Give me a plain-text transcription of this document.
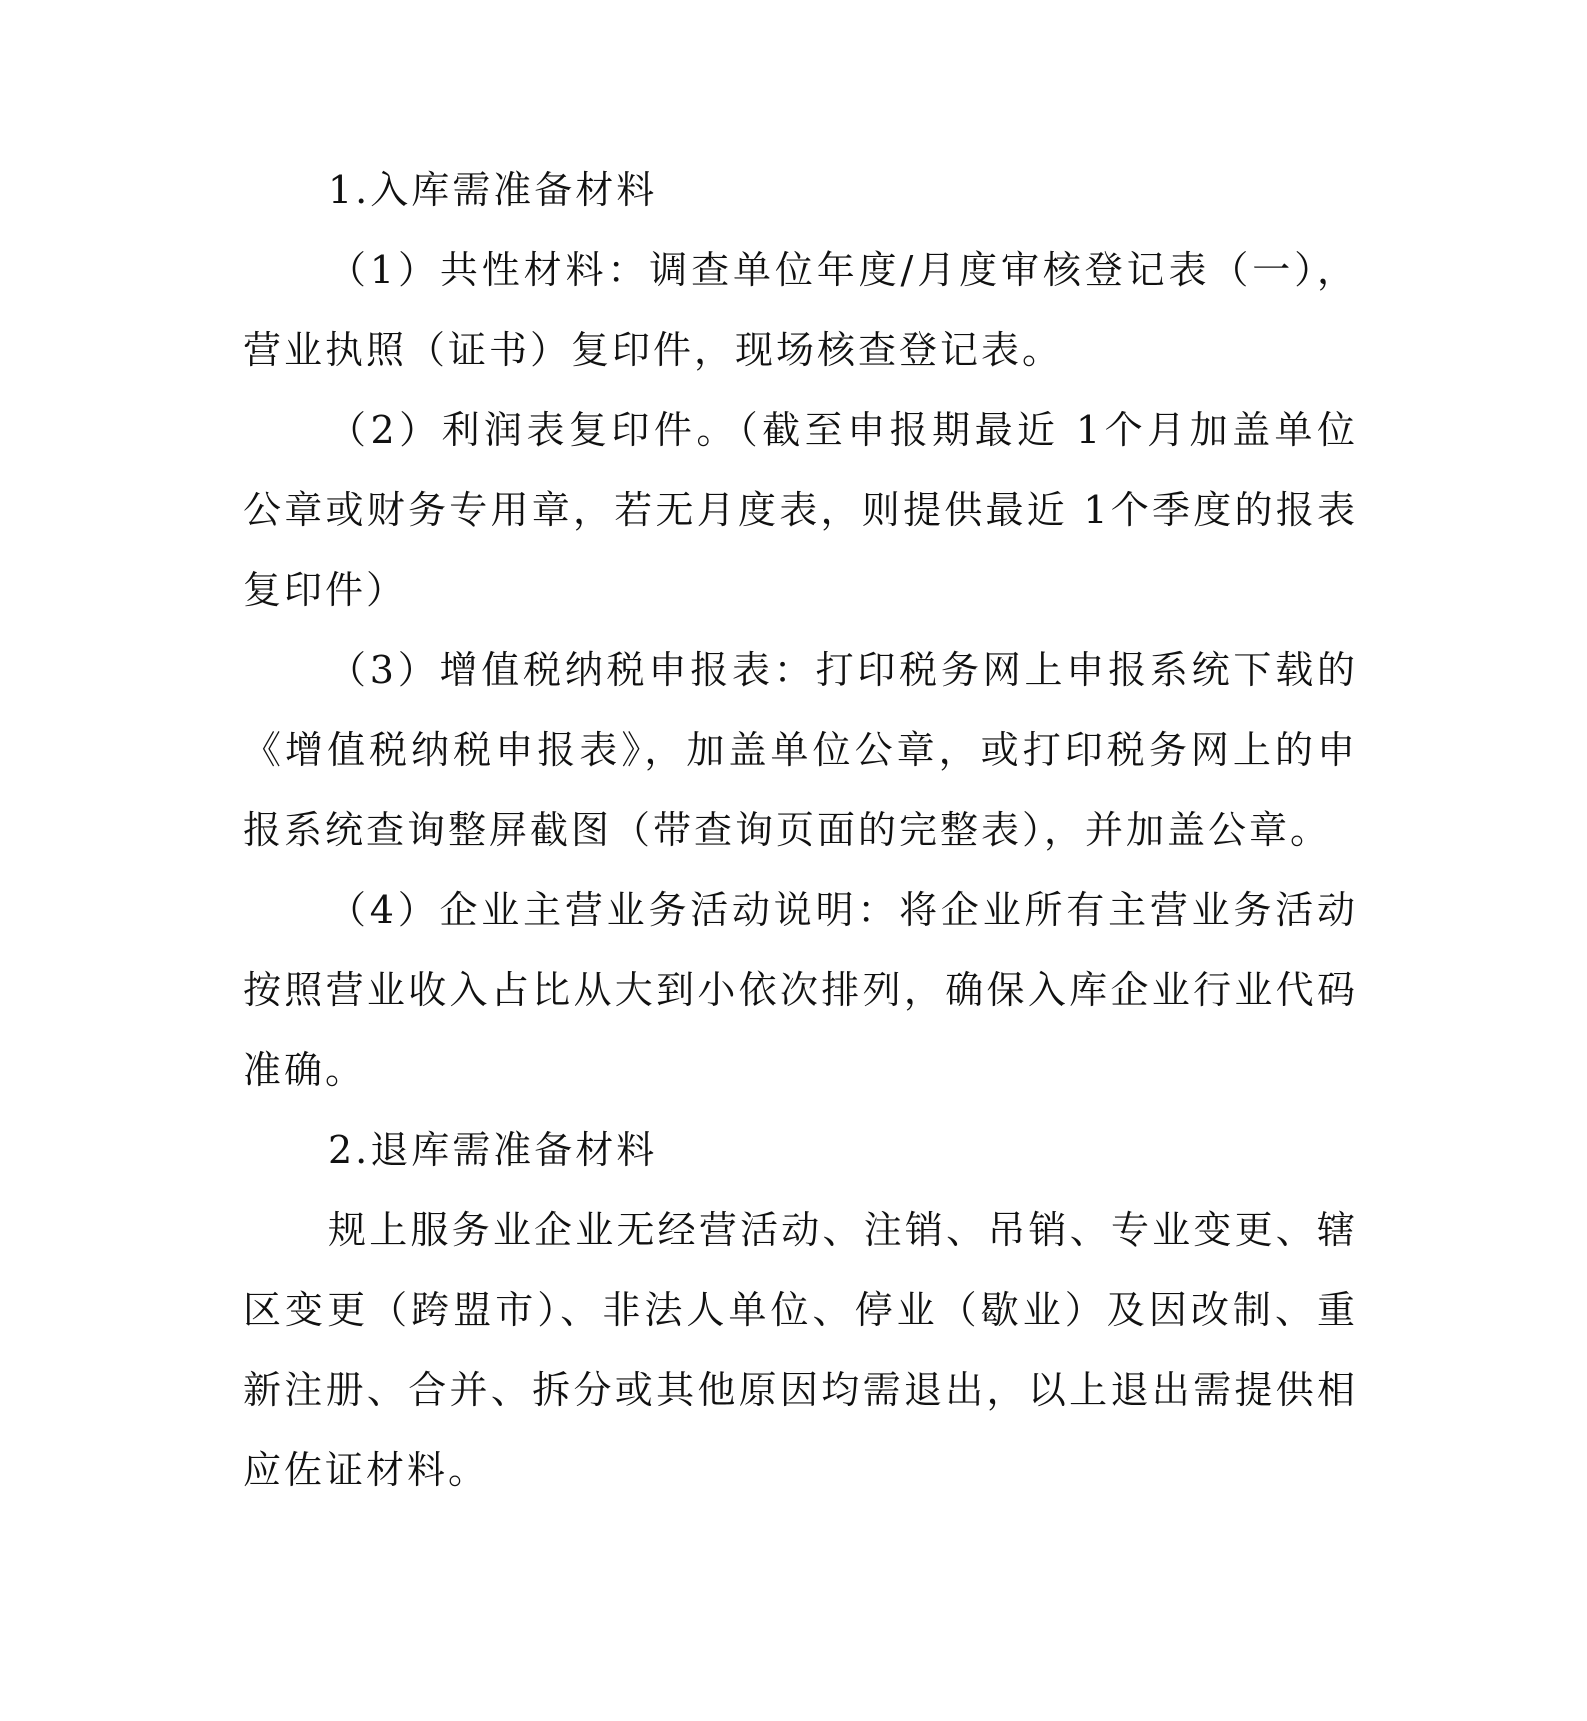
1.入库需准备材料

（1）共性材料：调查单位年度/月度审核登记表（一），营业执照（证书）复印件，现场核查登记表。

（2）利润表复印件。（截至申报期最近 1个月加盖单位公章或财务专用章，若无月度表，则提供最近 1个季度的报表复印件）

（3）增值税纳税申报表：打印税务网上申报系统下载的《增值税纳税申报表》，加盖单位公章，或打印税务网上的申报系统查询整屏截图（带查询页面的完整表），并加盖公章。

（4）企业主营业务活动说明：将企业所有主营业务活动按照营业收入占比从大到小依次排列，确保入库企业行业代码准确。

2.退库需准备材料

规上服务业企业无经营活动、注销、吊销、专业变更、辖区变更（跨盟市）、非法人单位、停业（歇业）及因改制、重新注册、合并、拆分或其他原因均需退出，以上退出需提供相应佐证材料。
